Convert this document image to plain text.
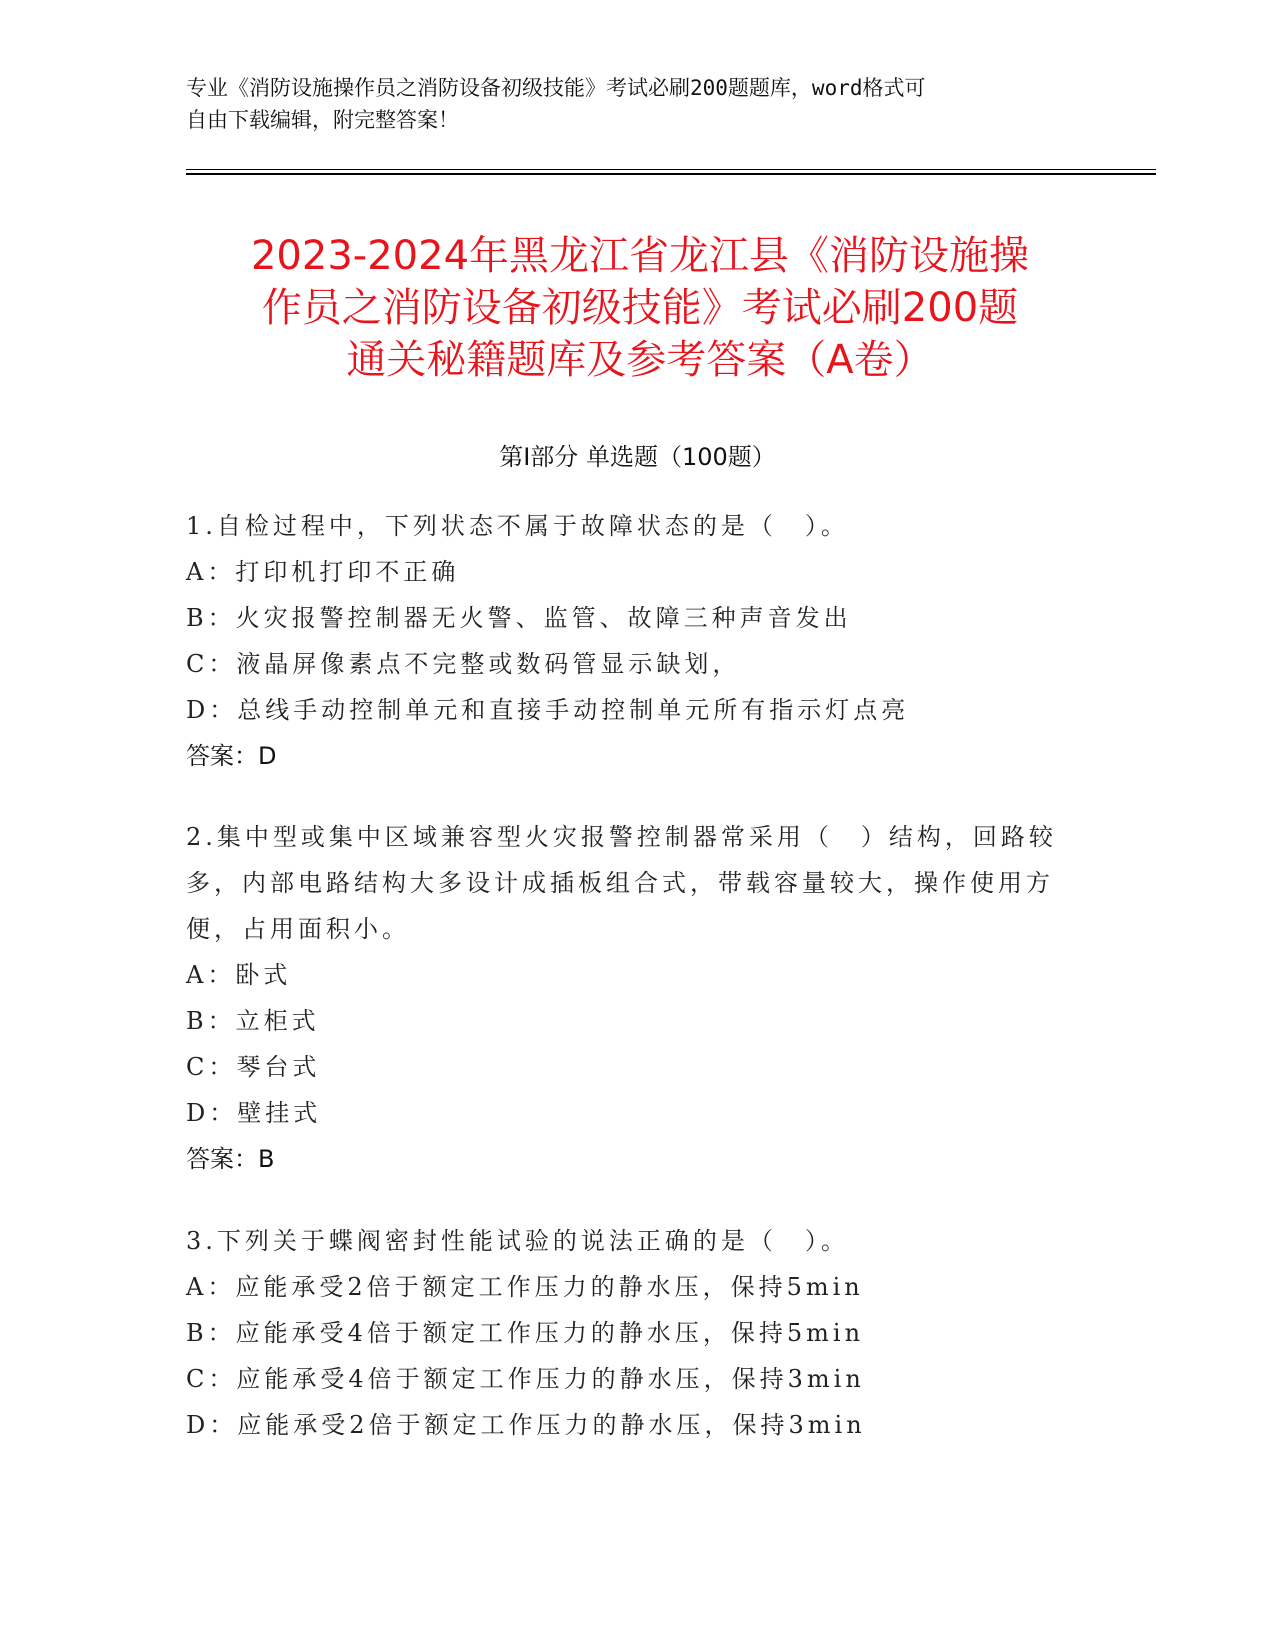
专业《消防设施操作员之消防设备初级技能》考试必刷200题题库，word格式可
自由下载编辑，附完整答案！
2023-2024年黑龙江省龙江县《消防设施操
作员之消防设备初级技能》考试必刷200题
通关秘籍题库及参考答案（A卷）
第Ⅰ部分 单选题（100题）
1.自检过程中，下列状态不属于故障状态的是（　）。
A：打印机打印不正确
B：火灾报警控制器无火警、监管、故障三种声音发出
C：液晶屏像素点不完整或数码管显示缺划，
D：总线手动控制单元和直接手动控制单元所有指示灯点亮
答案：D
2.集中型或集中区域兼容型火灾报警控制器常采用（　）结构，回路较多，内部电路结构大多设计成插板组合式，带载容量较大，操作使用方便，占用面积小。
A：卧式
B：立柜式
C：琴台式
D：壁挂式
答案：B
3.下列关于蝶阀密封性能试验的说法正确的是（　）。
A：应能承受2倍于额定工作压力的静水压，保持5min
B：应能承受4倍于额定工作压力的静水压，保持5min
C：应能承受4倍于额定工作压力的静水压，保持3min
D：应能承受2倍于额定工作压力的静水压，保持3min
